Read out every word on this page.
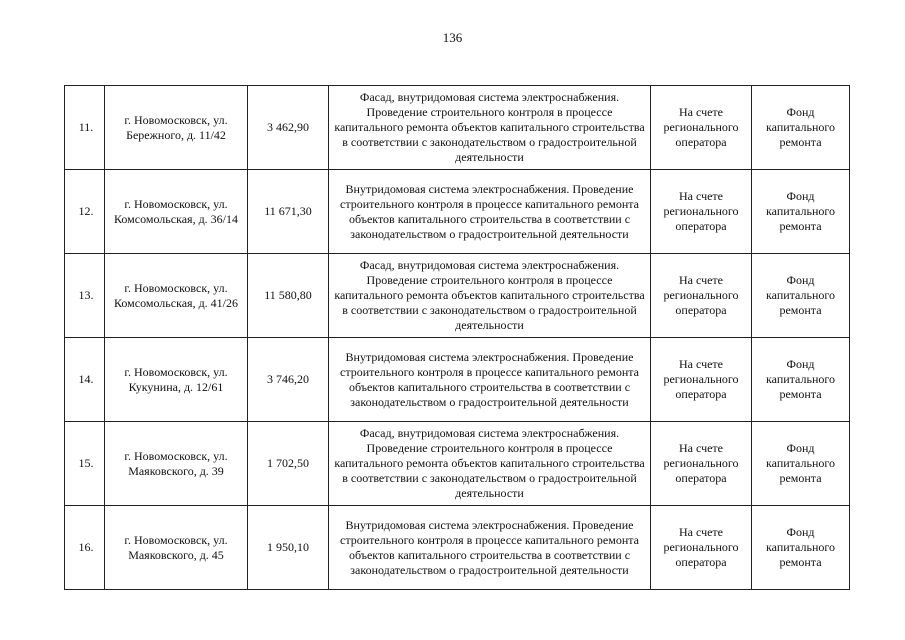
136
11.	г. Новомосковск, ул. Бережного, д. 11/42	3 462,90	Фасад, внутридомовая система электроснабжения. Проведение строительного контроля в процессе капитального ремонта объектов капитального строительства в соответствии с законодательством о градостроительной деятельности	На счете регионального оператора	Фонд капитального ремонта
12.	г. Новомосковск, ул. Комсомольская, д. 36/14	11 671,30	Внутридомовая система электроснабжения. Проведение строительного контроля в процессе капитального ремонта объектов капитального строительства в соответствии с законодательством о градостроительной деятельности	На счете регионального оператора	Фонд капитального ремонта
13.	г. Новомосковск, ул. Комсомольская, д. 41/26	11 580,80	Фасад, внутридомовая система электроснабжения. Проведение строительного контроля в процессе капитального ремонта объектов капитального строительства в соответствии с законодательством о градостроительной деятельности	На счете регионального оператора	Фонд капитального ремонта
14.	г. Новомосковск, ул. Кукунина, д. 12/61	3 746,20	Внутридомовая система электроснабжения. Проведение строительного контроля в процессе капитального ремонта объектов капитального строительства в соответствии с законодательством о градостроительной деятельности	На счете регионального оператора	Фонд капитального ремонта
15.	г. Новомосковск, ул. Маяковского, д. 39	1 702,50	Фасад, внутридомовая система электроснабжения. Проведение строительного контроля в процессе капитального ремонта объектов капитального строительства в соответствии с законодательством о градостроительной деятельности	На счете регионального оператора	Фонд капитального ремонта
16.	г. Новомосковск, ул. Маяковского, д. 45	1 950,10	Внутридомовая система электроснабжения. Проведение строительного контроля в процессе капитального ремонта объектов капитального строительства в соответствии с законодательством о градостроительной деятельности	На счете регионального оператора	Фонд капитального ремонта
